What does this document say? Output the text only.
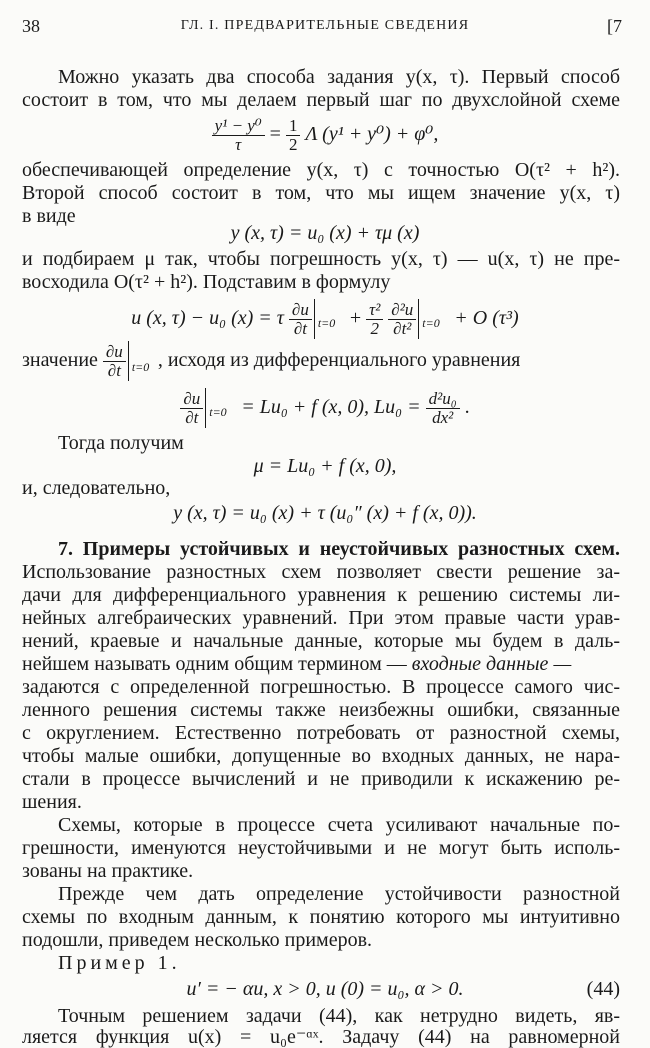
38	ГЛ. I. ПРЕДВАРИТЕЛЬНЫЕ СВЕДЕНИЯ	[7
Можно указать два способа задания y(x, τ). Первый способ
состоит в том, что мы делаем первый шаг по двухслойной схеме
$\frac{\text{y¹ − y⁰}}{\tau} = \frac{1}{2}$ Λ (y¹ + y⁰) + φ⁰,
обеспечивающей определение y(x, τ) с точностью O(τ² + h²).
Второй способ состоит в том, что мы ищем значение y(x, τ)
в виде
y (x, τ) = u₀ (x) + τμ (x)
и подбираем μ так, чтобы погрешность y(x, τ) — u(x, τ) не пре-
восходила O(τ² + h²). Подставим в формулу
u (x, τ) − u₀ (x) = τ $\frac{\partial u}{\partial t} t=0 + \frac{\text{τ²}}{2}$
$\frac{\text{∂²u}}{\text{∂t²}} t=0 + O$ (τ³)
значение $\frac{\partial u}{\partial t} t=0$ , исходя из дифференциального уравнения
$\frac{\partial u}{\partial t} t=0 = Lu_0 + f$ (x, 0), $Lu_0 = \frac{\text{d²u₀}}{\text{dx²}}$ .
Тогда получим
μ = Lu₀ + f (x, 0),
и, следовательно,
y (x, τ) = u₀ (x) + τ (u₀″ (x) + f (x, 0)).
7. Примеры устойчивых и неустойчивых разностных схем.
Использование разностных схем позволяет свести решение за-
дачи для дифференциального уравнения к решению системы ли-
нейных алгебраических уравнений. При этом правые части урав-
нений, краевые и начальные данные, которые мы будем в даль-
нейшем называть одним общим термином — входные данные —
задаются с определенной погрешностью. В процессе самого чис-
ленного решения системы также неизбежны ошибки, связанные
с округлением. Естественно потребовать от разностной схемы,
чтобы малые ошибки, допущенные во входных данных, не нара-
стали в процессе вычислений и не приводили к искажению ре-
шения.
Схемы, которые в процессе счета усиливают начальные по-
грешности, именуются неустойчивыми и не могут быть исполь-
зованы на практике.
Прежде чем дать определение устойчивости разностной
схемы по входным данным, к понятию которого мы интуитивно
подошли, приведем несколько примеров.
Пример 1.
u′ = − αu, x > 0, u (0) = u₀, α > 0.	(44)
Точным решением задачи (44), как нетрудно видеть, яв-
ляется функция u(x) = u₀e⁻ᵅˣ. Задачу (44) на равномерной
